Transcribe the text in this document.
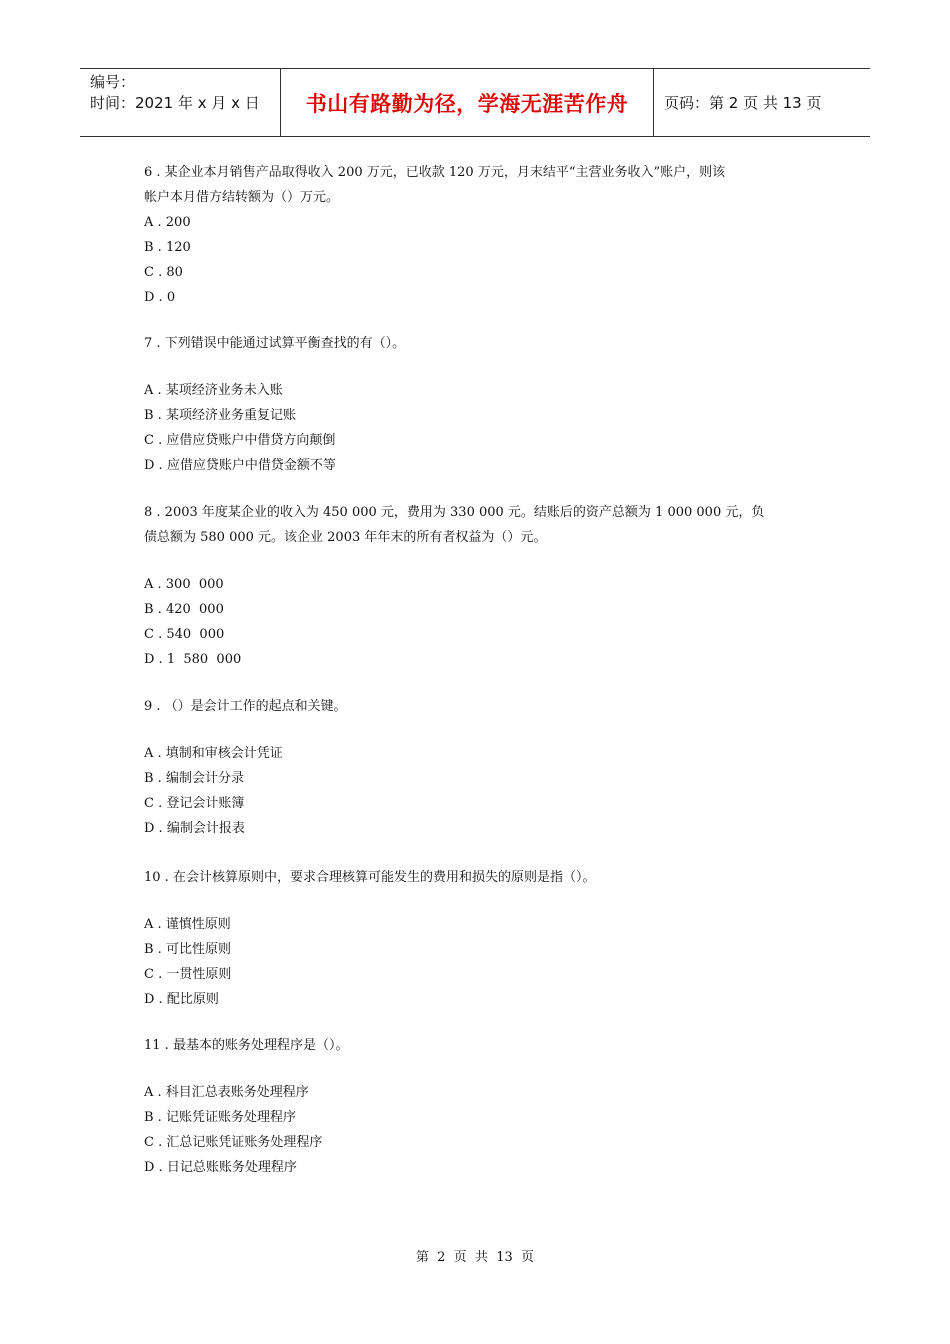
编号：
时间：2021 年 x 月 x 日	书山有路勤为径，学海无涯苦作舟	页码：第 2 页 共 13 页
6 . 某企业本月销售产品取得收入 200 万元，已收款 120 万元，月末结平“主营业务收入”账户，则该
帐户本月借方结转额为（）万元。
A . 200
B . 120
C . 80
D . 0
7 . 下列错误中能通过试算平衡查找的有（）。
A . 某项经济业务未入账
B . 某项经济业务重复记账
C . 应借应贷账户中借贷方向颠倒
D . 应借应贷账户中借贷金额不等
8 . 2003 年度某企业的收入为 450 000 元，费用为 330 000 元。结账后的资产总额为 1 000 000 元，负
债总额为 580 000 元。该企业 2003 年年末的所有者权益为（）元。
A . 300  000
B . 420  000
C . 540  000
D . 1  580  000
9 . （）是会计工作的起点和关键。
A . 填制和审核会计凭证
B . 编制会计分录
C . 登记会计账簿
D . 编制会计报表
10 . 在会计核算原则中，要求合理核算可能发生的费用和损失的原则是指（）。
A . 谨慎性原则
B . 可比性原则
C . 一贯性原则
D . 配比原则
11 . 最基本的账务处理程序是（）。
A . 科目汇总表账务处理程序
B . 记账凭证账务处理程序
C . 汇总记账凭证账务处理程序
D . 日记总账账务处理程序
第  2  页  共  13  页
